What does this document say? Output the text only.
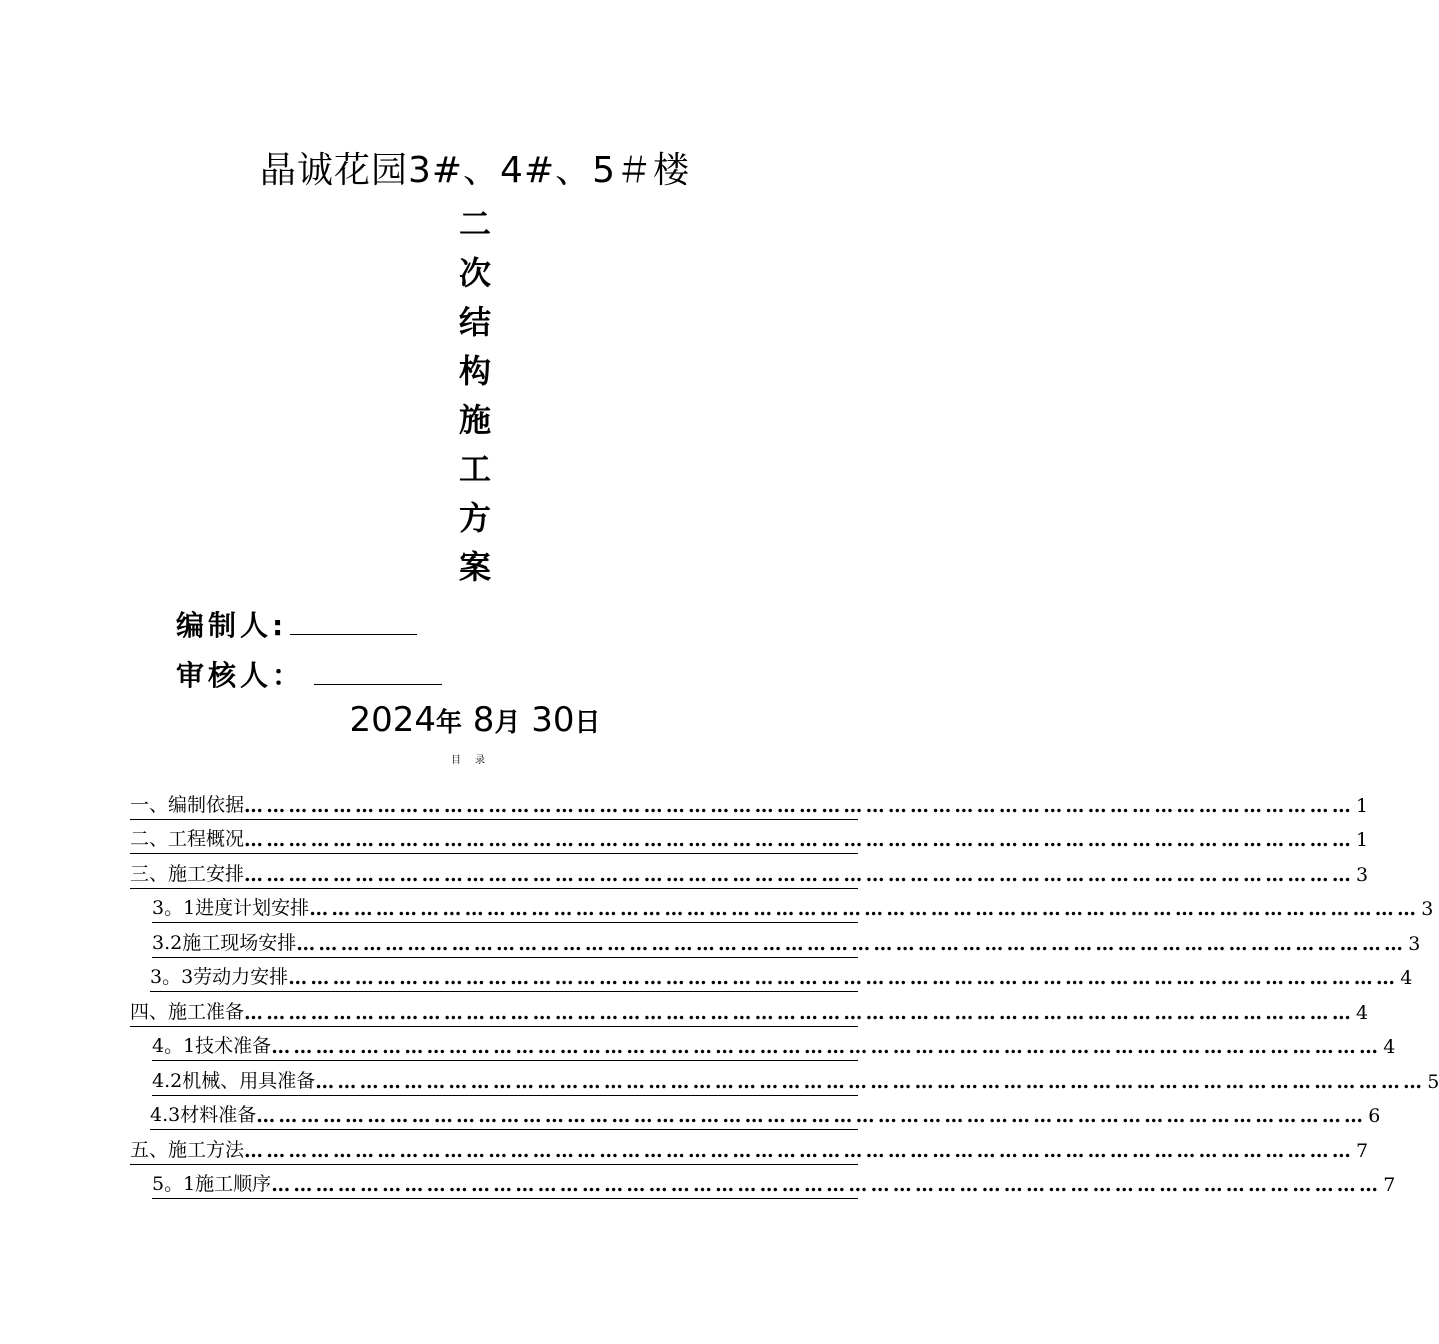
晶诚花园3#、4#、5＃楼
二
次
结
构
施
工
方
案
编制人:
审核人：
2024年 8月 30日
目录
一、编制依据 …………………………………………………………………………………………………………………………………… 1
二、工程概况 …………………………………………………………………………………………………………………………………… 1
三、施工安排 …………………………………………………………………………………………………………………………………… 3
3。1进度计划安排 …………………………………………………………………………………………………………………………………… 3
3.2施工现场安排 …………………………………………………………………………………………………………………………………… 3
3。3劳动力安排 …………………………………………………………………………………………………………………………………… 4
四、施工准备 …………………………………………………………………………………………………………………………………… 4
4。1技术准备 …………………………………………………………………………………………………………………………………… 4
4.2机械、用具准备 …………………………………………………………………………………………………………………………………… 5
4.3材料准备 …………………………………………………………………………………………………………………………………… 6
五、施工方法 …………………………………………………………………………………………………………………………………… 7
5。1施工顺序 …………………………………………………………………………………………………………………………………… 7
